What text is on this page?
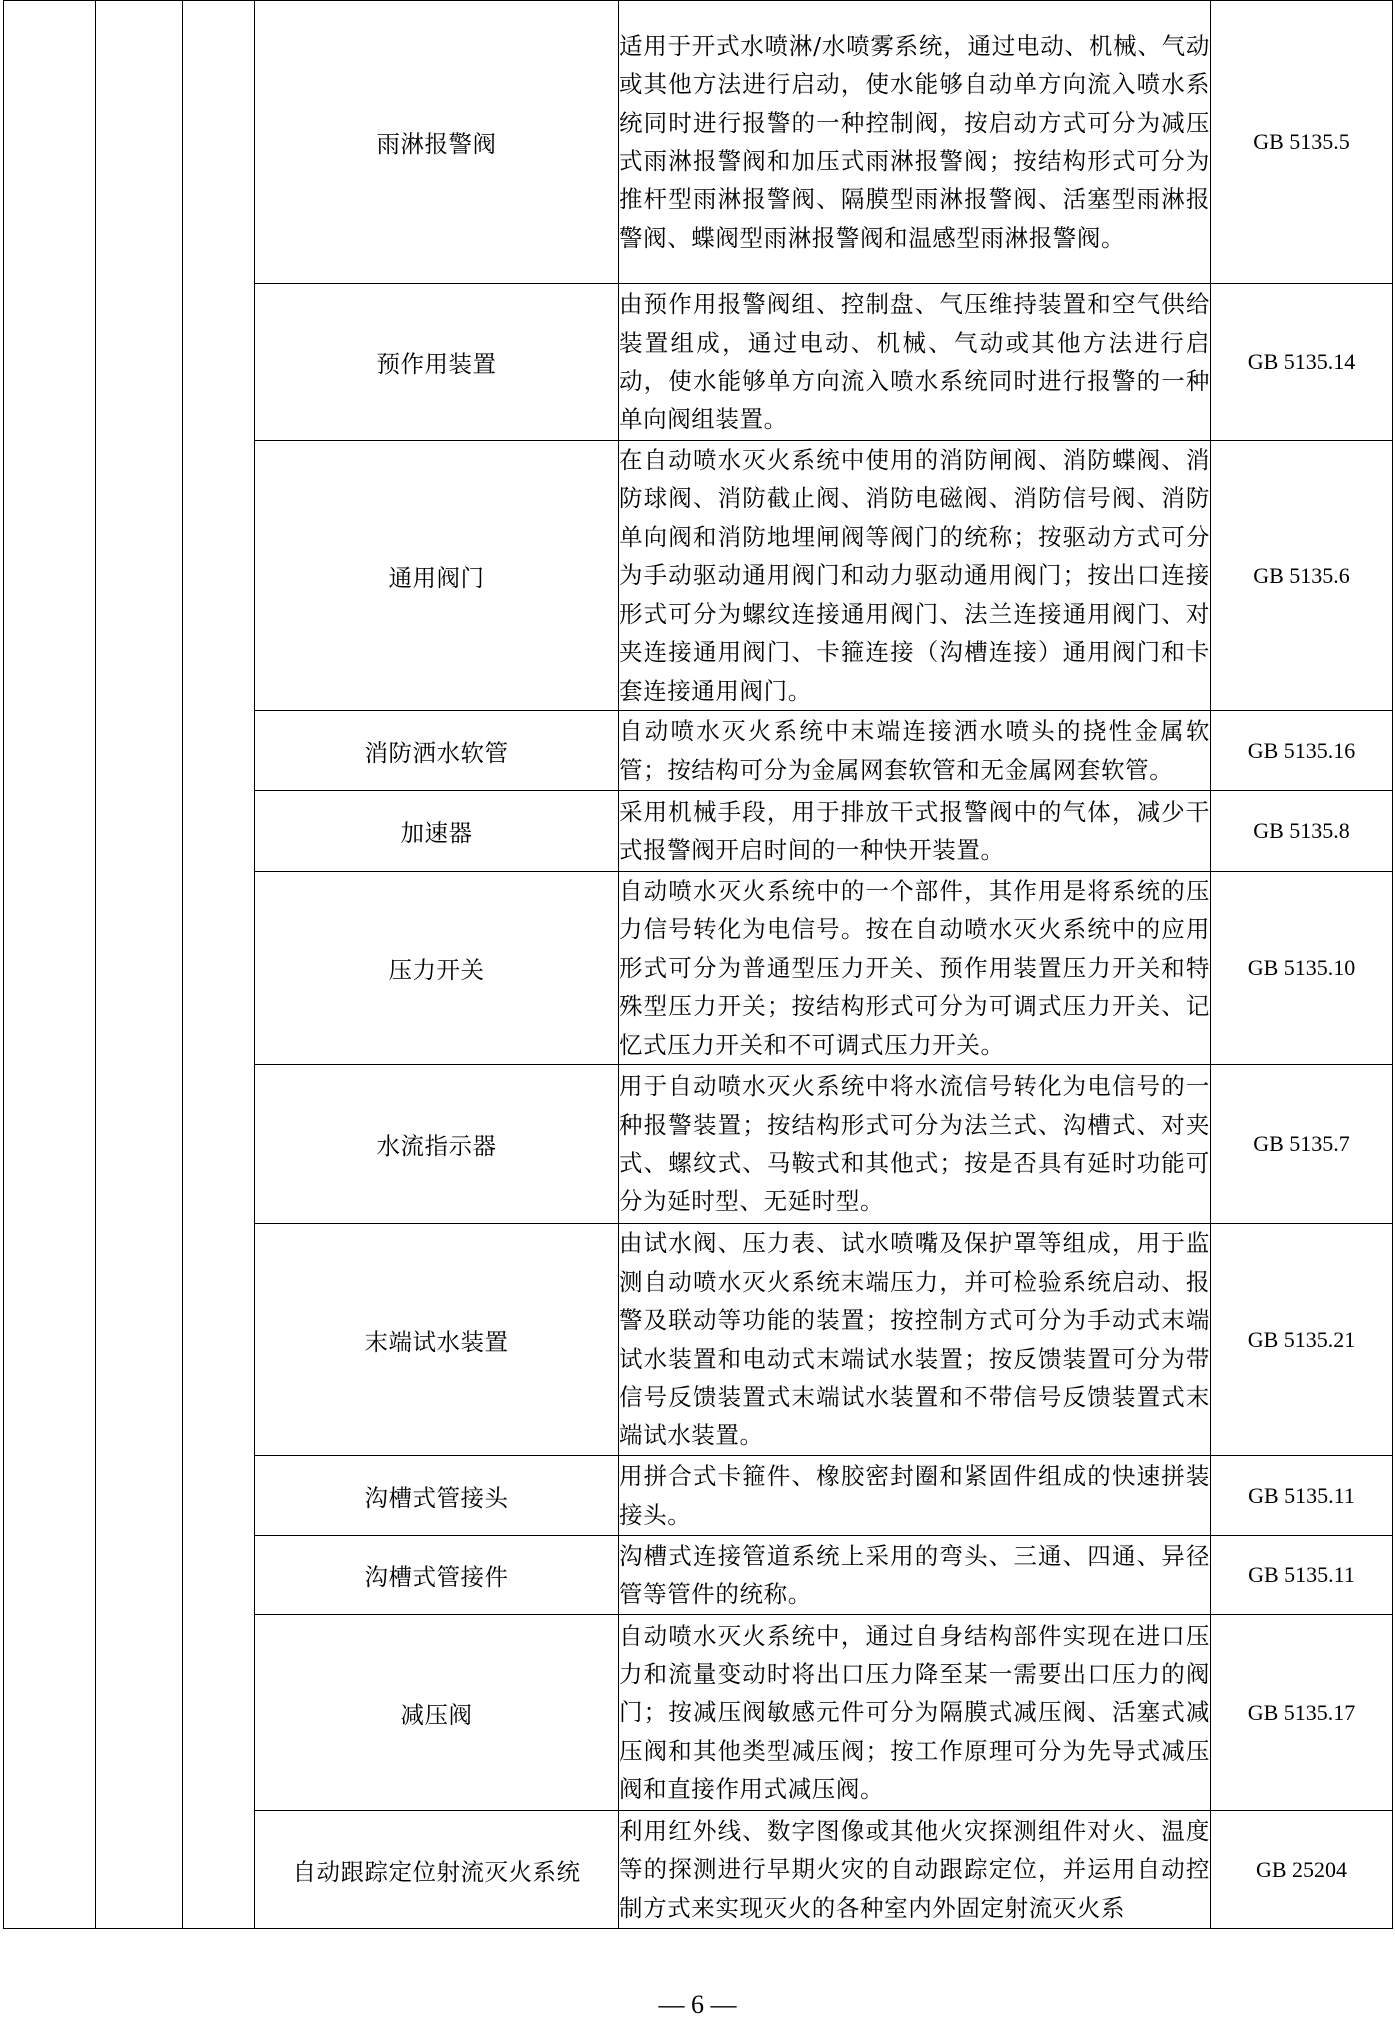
			雨淋报警阀	适用于开式水喷淋/水喷雾系统，通过电动、机械、气动或其他方法进行启动，使水能够自动单方向流入喷水系统同时进行报警的一种控制阀，按启动方式可分为减压式雨淋报警阀和加压式雨淋报警阀；按结构形式可分为推杆型雨淋报警阀、隔膜型雨淋报警阀、活塞型雨淋报警阀、蝶阀型雨淋报警阀和温感型雨淋报警阀。	GB 5135.5
			预作用装置	由预作用报警阀组、控制盘、气压维持装置和空气供给装置组成，通过电动、机械、气动或其他方法进行启动，使水能够单方向流入喷水系统同时进行报警的一种单向阀组装置。	GB 5135.14
			通用阀门	在自动喷水灭火系统中使用的消防闸阀、消防蝶阀、消防球阀、消防截止阀、消防电磁阀、消防信号阀、消防单向阀和消防地埋闸阀等阀门的统称；按驱动方式可分为手动驱动通用阀门和动力驱动通用阀门；按出口连接形式可分为螺纹连接通用阀门、法兰连接通用阀门、对夹连接通用阀门、卡箍连接（沟槽连接）通用阀门和卡套连接通用阀门。	GB 5135.6
			消防洒水软管	自动喷水灭火系统中末端连接洒水喷头的挠性金属软管；按结构可分为金属网套软管和无金属网套软管。	GB 5135.16
			加速器	采用机械手段，用于排放干式报警阀中的气体，减少干式报警阀开启时间的一种快开装置。	GB 5135.8
			压力开关	自动喷水灭火系统中的一个部件，其作用是将系统的压力信号转化为电信号。按在自动喷水灭火系统中的应用形式可分为普通型压力开关、预作用装置压力开关和特殊型压力开关；按结构形式可分为可调式压力开关、记忆式压力开关和不可调式压力开关。	GB 5135.10
			水流指示器	用于自动喷水灭火系统中将水流信号转化为电信号的一种报警装置；按结构形式可分为法兰式、沟槽式、对夹式、螺纹式、马鞍式和其他式；按是否具有延时功能可分为延时型、无延时型。	GB 5135.7
			末端试水装置	由试水阀、压力表、试水喷嘴及保护罩等组成，用于监测自动喷水灭火系统末端压力，并可检验系统启动、报警及联动等功能的装置；按控制方式可分为手动式末端试水装置和电动式末端试水装置；按反馈装置可分为带信号反馈装置式末端试水装置和不带信号反馈装置式末端试水装置。	GB 5135.21
			沟槽式管接头	用拼合式卡箍件、橡胶密封圈和紧固件组成的快速拼装接头。	GB 5135.11
			沟槽式管接件	沟槽式连接管道系统上采用的弯头、三通、四通、异径管等管件的统称。	GB 5135.11
			减压阀	自动喷水灭火系统中，通过自身结构部件实现在进口压力和流量变动时将出口压力降至某一需要出口压力的阀门；按减压阀敏感元件可分为隔膜式减压阀、活塞式减压阀和其他类型减压阀；按工作原理可分为先导式减压阀和直接作用式减压阀。	GB 5135.17
			自动跟踪定位射流灭火系统	利用红外线、数字图像或其他火灾探测组件对火、温度等的探测进行早期火灾的自动跟踪定位，并运用自动控制方式来实现灭火的各种室内外固定射流灭火系	GB 25204
— 6 —
